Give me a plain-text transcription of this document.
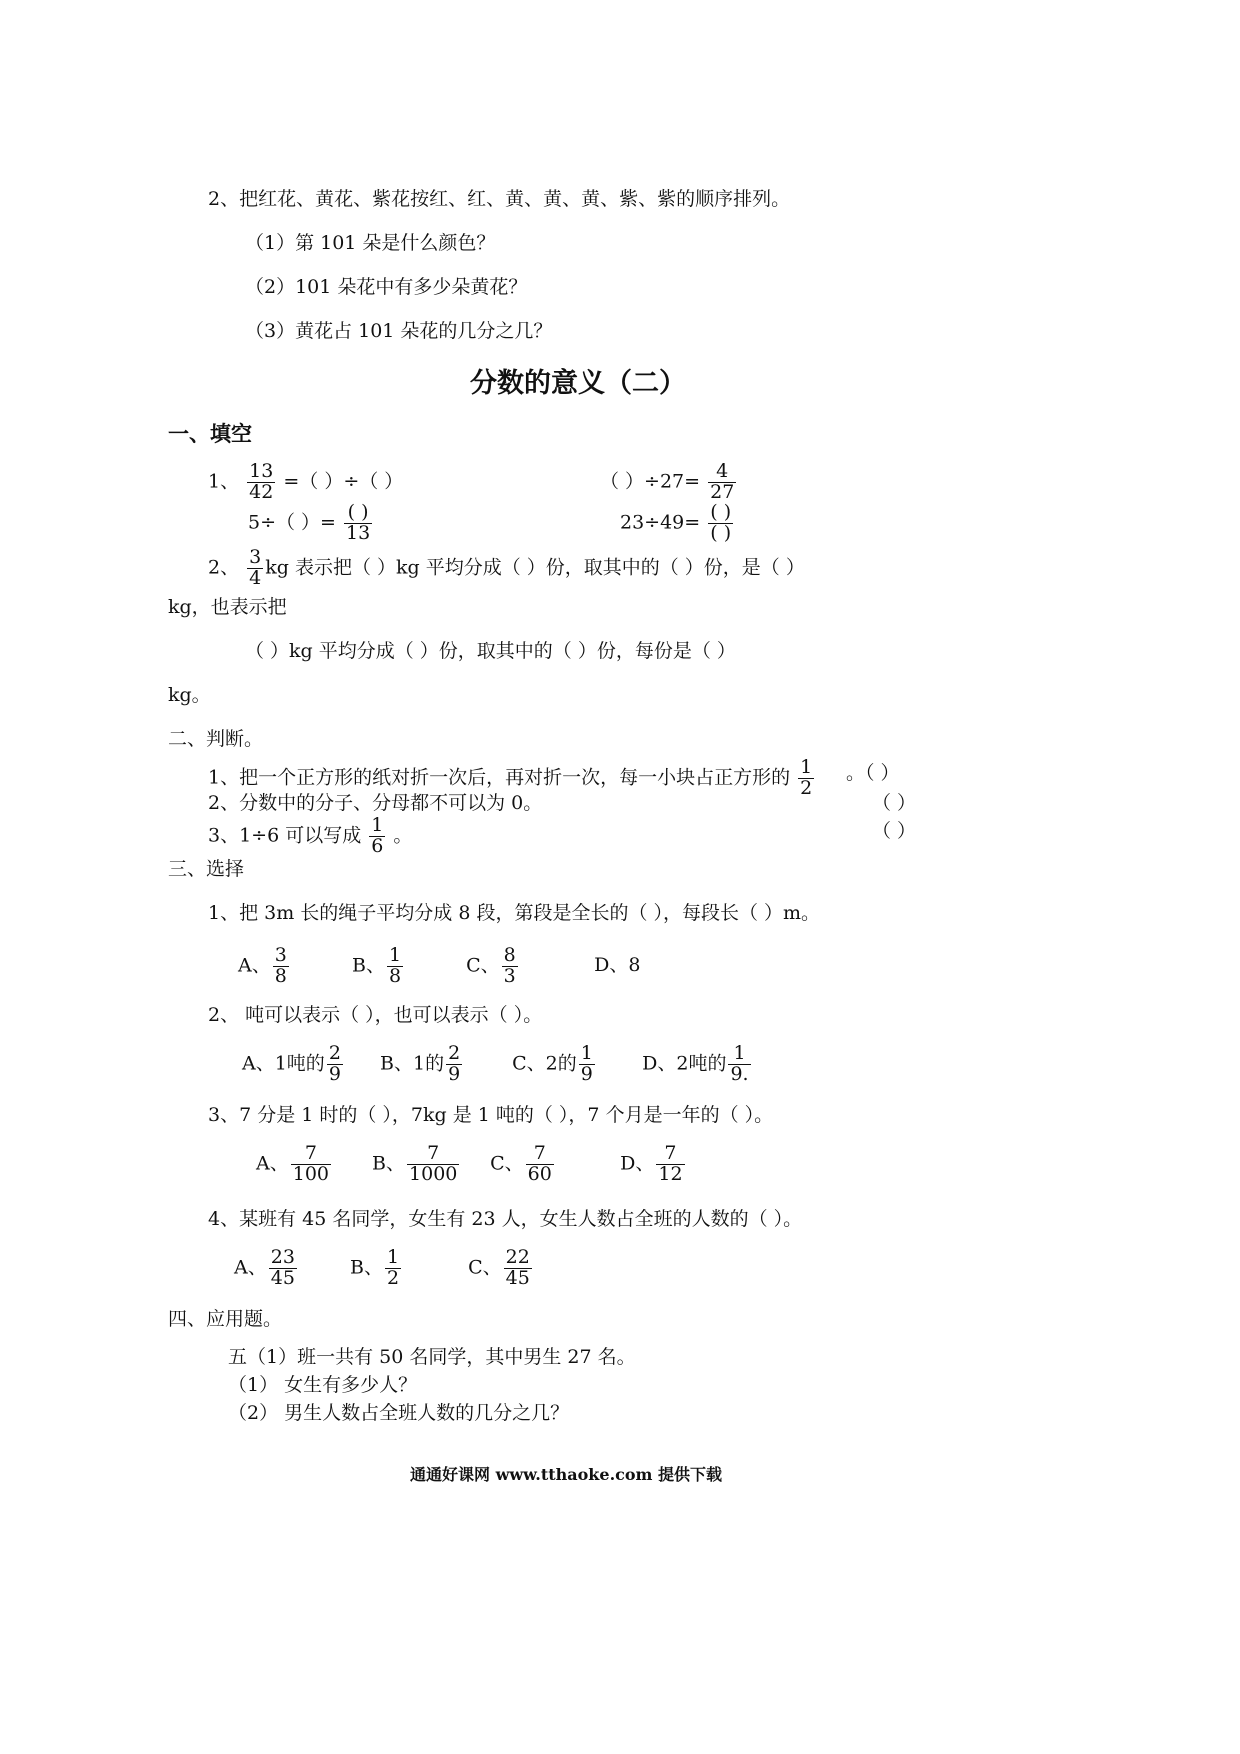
2、把红花、黄花、紫花按红、红、黄、黄、黄、紫、紫的顺序排列。
（1）第 101 朵是什么颜色？
（2）101 朵花中有多少朵黄花？
（3）黄花占 101 朵花的几分之几？
分数的意义（二）
一、填空
1、 $\frac{13}{42}$ =（ ）÷（ ）	（ ）$\div 27= \frac{4}{27}$
5÷（ ）= $\frac{( )}{13}$	$23\div 49= \frac{( )}{( )}$
2、 $\frac{3}{4}$ kg 表示把（ ）kg 平均分成（ ）份，取其中的（ ）份，是（ ）
kg，也表示把
（ ）kg 平均分成（ ）份，取其中的（ ）份，每份是（ ）
kg。
二、判断。
1、把一个正方形的纸对折一次后，再对折一次，每一小块占正方形的 $\frac{1}{2}$ 。（ ）
2、分数中的分子、分母都不可以为 0。	（ ）
3、1÷6 可以写成 $\frac{1}{6}$ 。	（ ）
三、选择
1、把 3m 长的绳子平均分成 8 段，第段是全长的（ ），每段长（ ）m。
A、 $\frac{3}{8}$	B、 $\frac{1}{8}$	C、 $\frac{8}{3}$	D、8
2、 吨可以表示（ ），也可以表示（ ）。
A、1吨的 $\frac{2}{9}$ B、1的 $\frac{2}{9}$	C、2的 $\frac{1}{9}$ D、2吨的 $\frac{1}{9.}$
3、7 分是 1 时的（ ），7kg 是 1 吨的（ ），7 个月是一年的（ ）。
A、 $\frac{7}{100}$ B、 $\frac{7}{1000}$ C、 $\frac{7}{60}$	D、 $\frac{7}{12}$
4、某班有 45 名同学，女生有 23 人，女生人数占全班的人数的（ ）。
A、 $\frac{23}{45}$	B、 $\frac{1}{2}$	C、 $\frac{22}{45}$
四、应用题。
五（1）班一共有 50 名同学，其中男生 27 名。
（1） 女生有多少人？
（2） 男生人数占全班人数的几分之几？
通通好课网 www.tthaoke.com 提供下载
